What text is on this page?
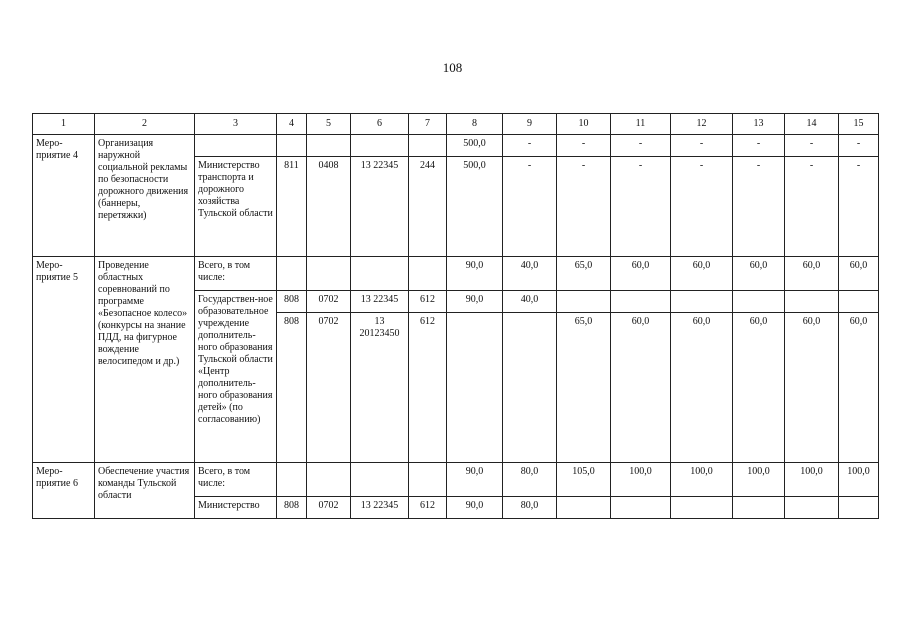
108
1	2	3	4	5	6	7	8	9	10	11	12	13	14	15
Меро-приятие 4	Организация наружной социальной рекламы по безопасности дорожного движения (баннеры, перетяжки)						500,0	-	-	-	-	-	-	-
		Министерство транспорта и дорожного хозяйства Тульской области	811	0408	13 22345	244	500,0	-	-	-	-	-	-	-
Меро-приятие 5	Проведение областных соревнований по программе «Безопасное колесо» (конкурсы на знание ПДД, на фигурное вождение велосипедом и др.)	Всего, в том числе:					90,0	40,0	65,0	60,0	60,0	60,0	60,0	60,0
		Государствен-ное образовательное учреждение дополнитель-ного образования Тульской области «Центр дополнитель-ного образования детей» (по согласованию)	808	0702	13 22345	612	90,0	40,0						
			808	0702	13 20123450	612			65,0	60,0	60,0	60,0	60,0	60,0
Меро-приятие 6	Обеспечение участия команды Тульской области	Всего, в том числе:					90,0	80,0	105,0	100,0	100,0	100,0	100,0	100,0
		Министерство	808	0702	13 22345	612	90,0	80,0						
